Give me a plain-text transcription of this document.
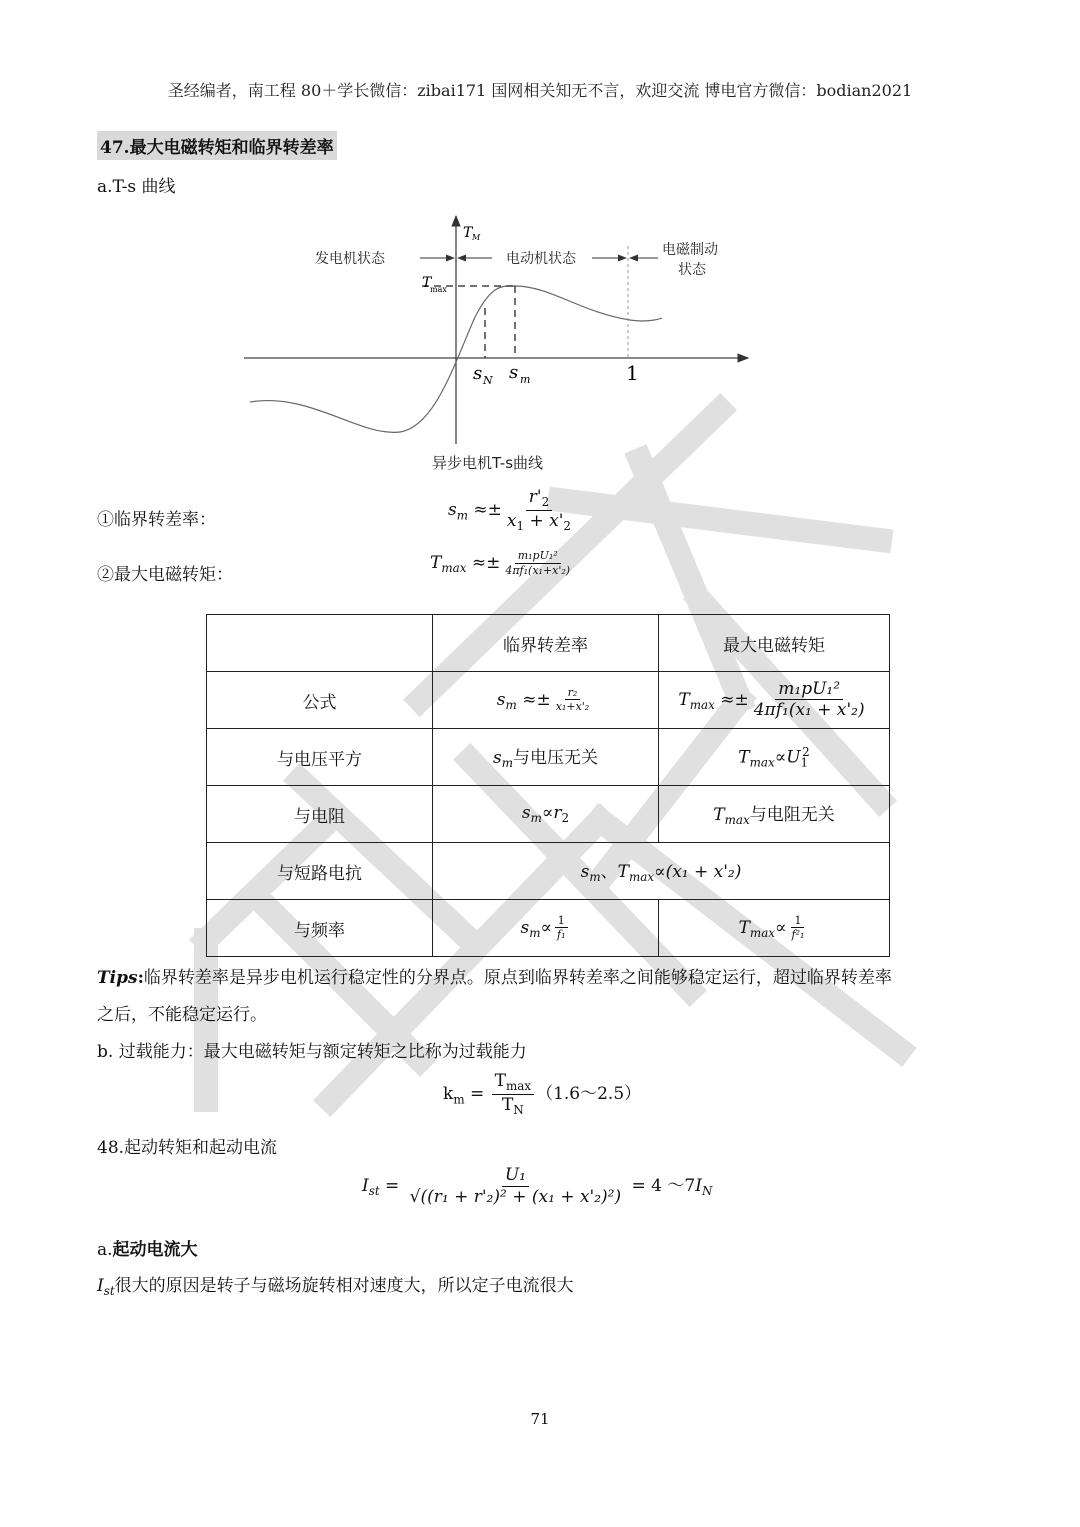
圣经编者，南工程 80＋学长微信：zibai171 国网相关知无不言，欢迎交流 博电官方微信：bodian2021
47.最大电磁转矩和临界转差率
a.T-s 曲线
T M
T
max
发电机状态	电动机状态
电磁制动
状态
s N s m	1
异步电机T-s曲线
①临界转差率：	$s_m \approx\pm \frac{r'_2}{x_1 + x'_2}$
②最大电磁转矩：
$T_{max} \approx\pm \frac{\text{m₁pU₁²}}{\text{4πf₁(x₁+x'₂)}}$
	临界转差率	最大电磁转矩
公式	$s_m \approx\pm \frac{\text{r₂}}{\text{x₁+x'₂}}$	$T_{max} \approx\pm \frac{\text{m₁pU₁²}}{\text{4πf₁(x₁ + x'₂)}}$

与电压平方	$s_m$与电压无关	$T_{max}\propto U_1^2$
与电阻	$s_m\propto r_2$	$T_{max}$与电阻无关
与短路电抗	$s_m$、$T_{max}\propto(x_1 + x'_2)$	
与频率	$s_m\propto \frac{1}{\text{f₁}}$	$T_{max}\propto \frac{1}{\text{f²₁}}$
Tips:临界转差率是异步电机运行稳定性的分界点。原点到临界转差率之间能够稳定运行，超过临界转差率
之后，不能稳定运行。
b. 过载能力：最大电磁转矩与额定转矩之比称为过载能力
$k_m = \frac{T_{max}}{T_N}$ （1.6～2.5）
48.起动转矩和起动电流
$I_{st} = \frac{\text{U₁}}{\text{√((r₁ + r'₂)² + (x₁ + x'₂)²)}} = 4$ $\sim 7I_N$
a.起动电流大
$I_{st}$很大的原因是转子与磁场旋转相对速度大，所以定子电流很大
71
